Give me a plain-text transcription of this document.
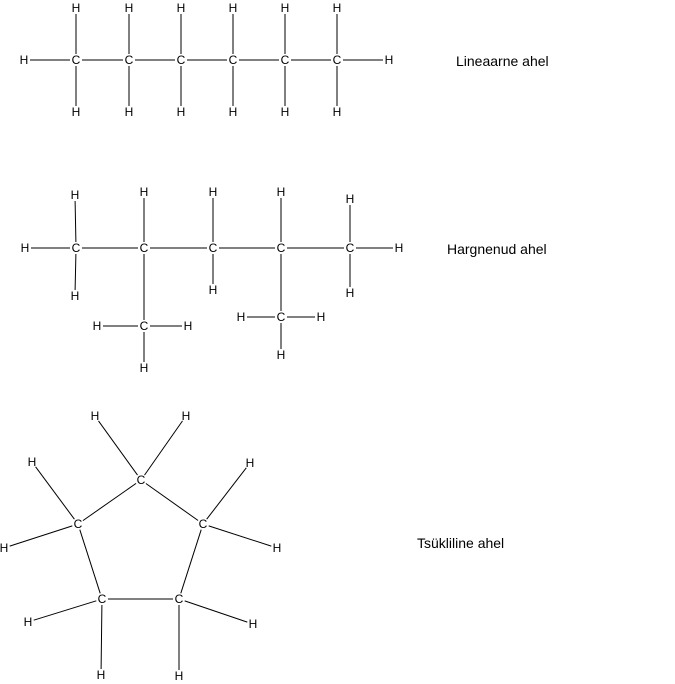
C
H
H
C
H
H
C
H
H
C
H
H
C
H
H
C
H
H
H	H
C	C	C	C	C
H
H
H
H	H
H
H	H
H
H
C
H	H
H
C
H	H
H
C
C
C
C
C
H	H
H
H
H
H
H
H
H
H
Lineaarne ahel
Hargnenud ahel
Tsükliline ahel
